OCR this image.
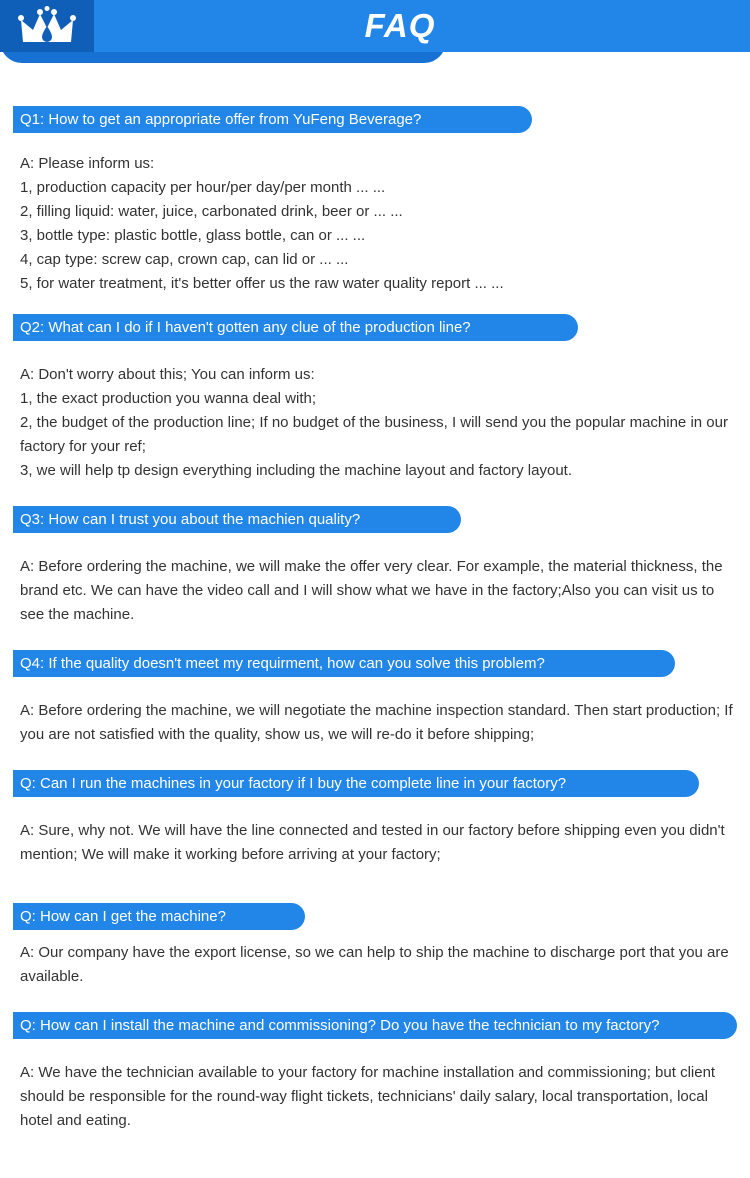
FAQ
Q1: How to get an appropriate offer from YuFeng Beverage?
A: Please inform us:
1, production capacity per hour/per day/per month ... ...
2, filling liquid: water, juice, carbonated drink, beer or ... ...
3, bottle type: plastic bottle, glass bottle, can or ... ...
4, cap type: screw cap, crown cap, can lid or ... ...
5, for water treatment, it's better offer us the raw water quality report ... ...
Q2: What can I do if I haven't gotten any clue of the production line?
A: Don't worry about this; You can inform us:
1, the exact production you wanna deal with;
2, the budget of the production line; If no budget of the business, I will send you the popular machine in our factory for your ref;
3, we will help tp design everything including the machine layout and factory layout.
Q3: How can I trust you about the machien quality?
A: Before ordering the machine, we will make the offer very clear. For example, the material thickness, the brand etc. We can have the video call and I will show what we have in the factory;Also you can visit us to see the machine.
Q4: If the quality doesn't meet my requirment, how can you solve this problem?
A: Before ordering the machine, we will negotiate the machine inspection standard. Then start production; If you are not satisfied with the quality, show us, we will re-do it before shipping;
Q: Can I run the machines in your factory if I buy the complete line in your factory?
A: Sure, why not. We will have the line connected and tested in our factory before shipping even you didn't mention; We will make it working before arriving at your factory;
Q: How can I get the machine?
A: Our company have the export license, so we can help to ship the machine to discharge port that you are available.
Q: How can I install the machine and commissioning? Do you have the technician to my factory?
A: We have the technician available to your factory for machine installation and commissioning; but client should be responsible for the round-way flight tickets, technicians' daily salary, local transportation, local hotel and eating.
